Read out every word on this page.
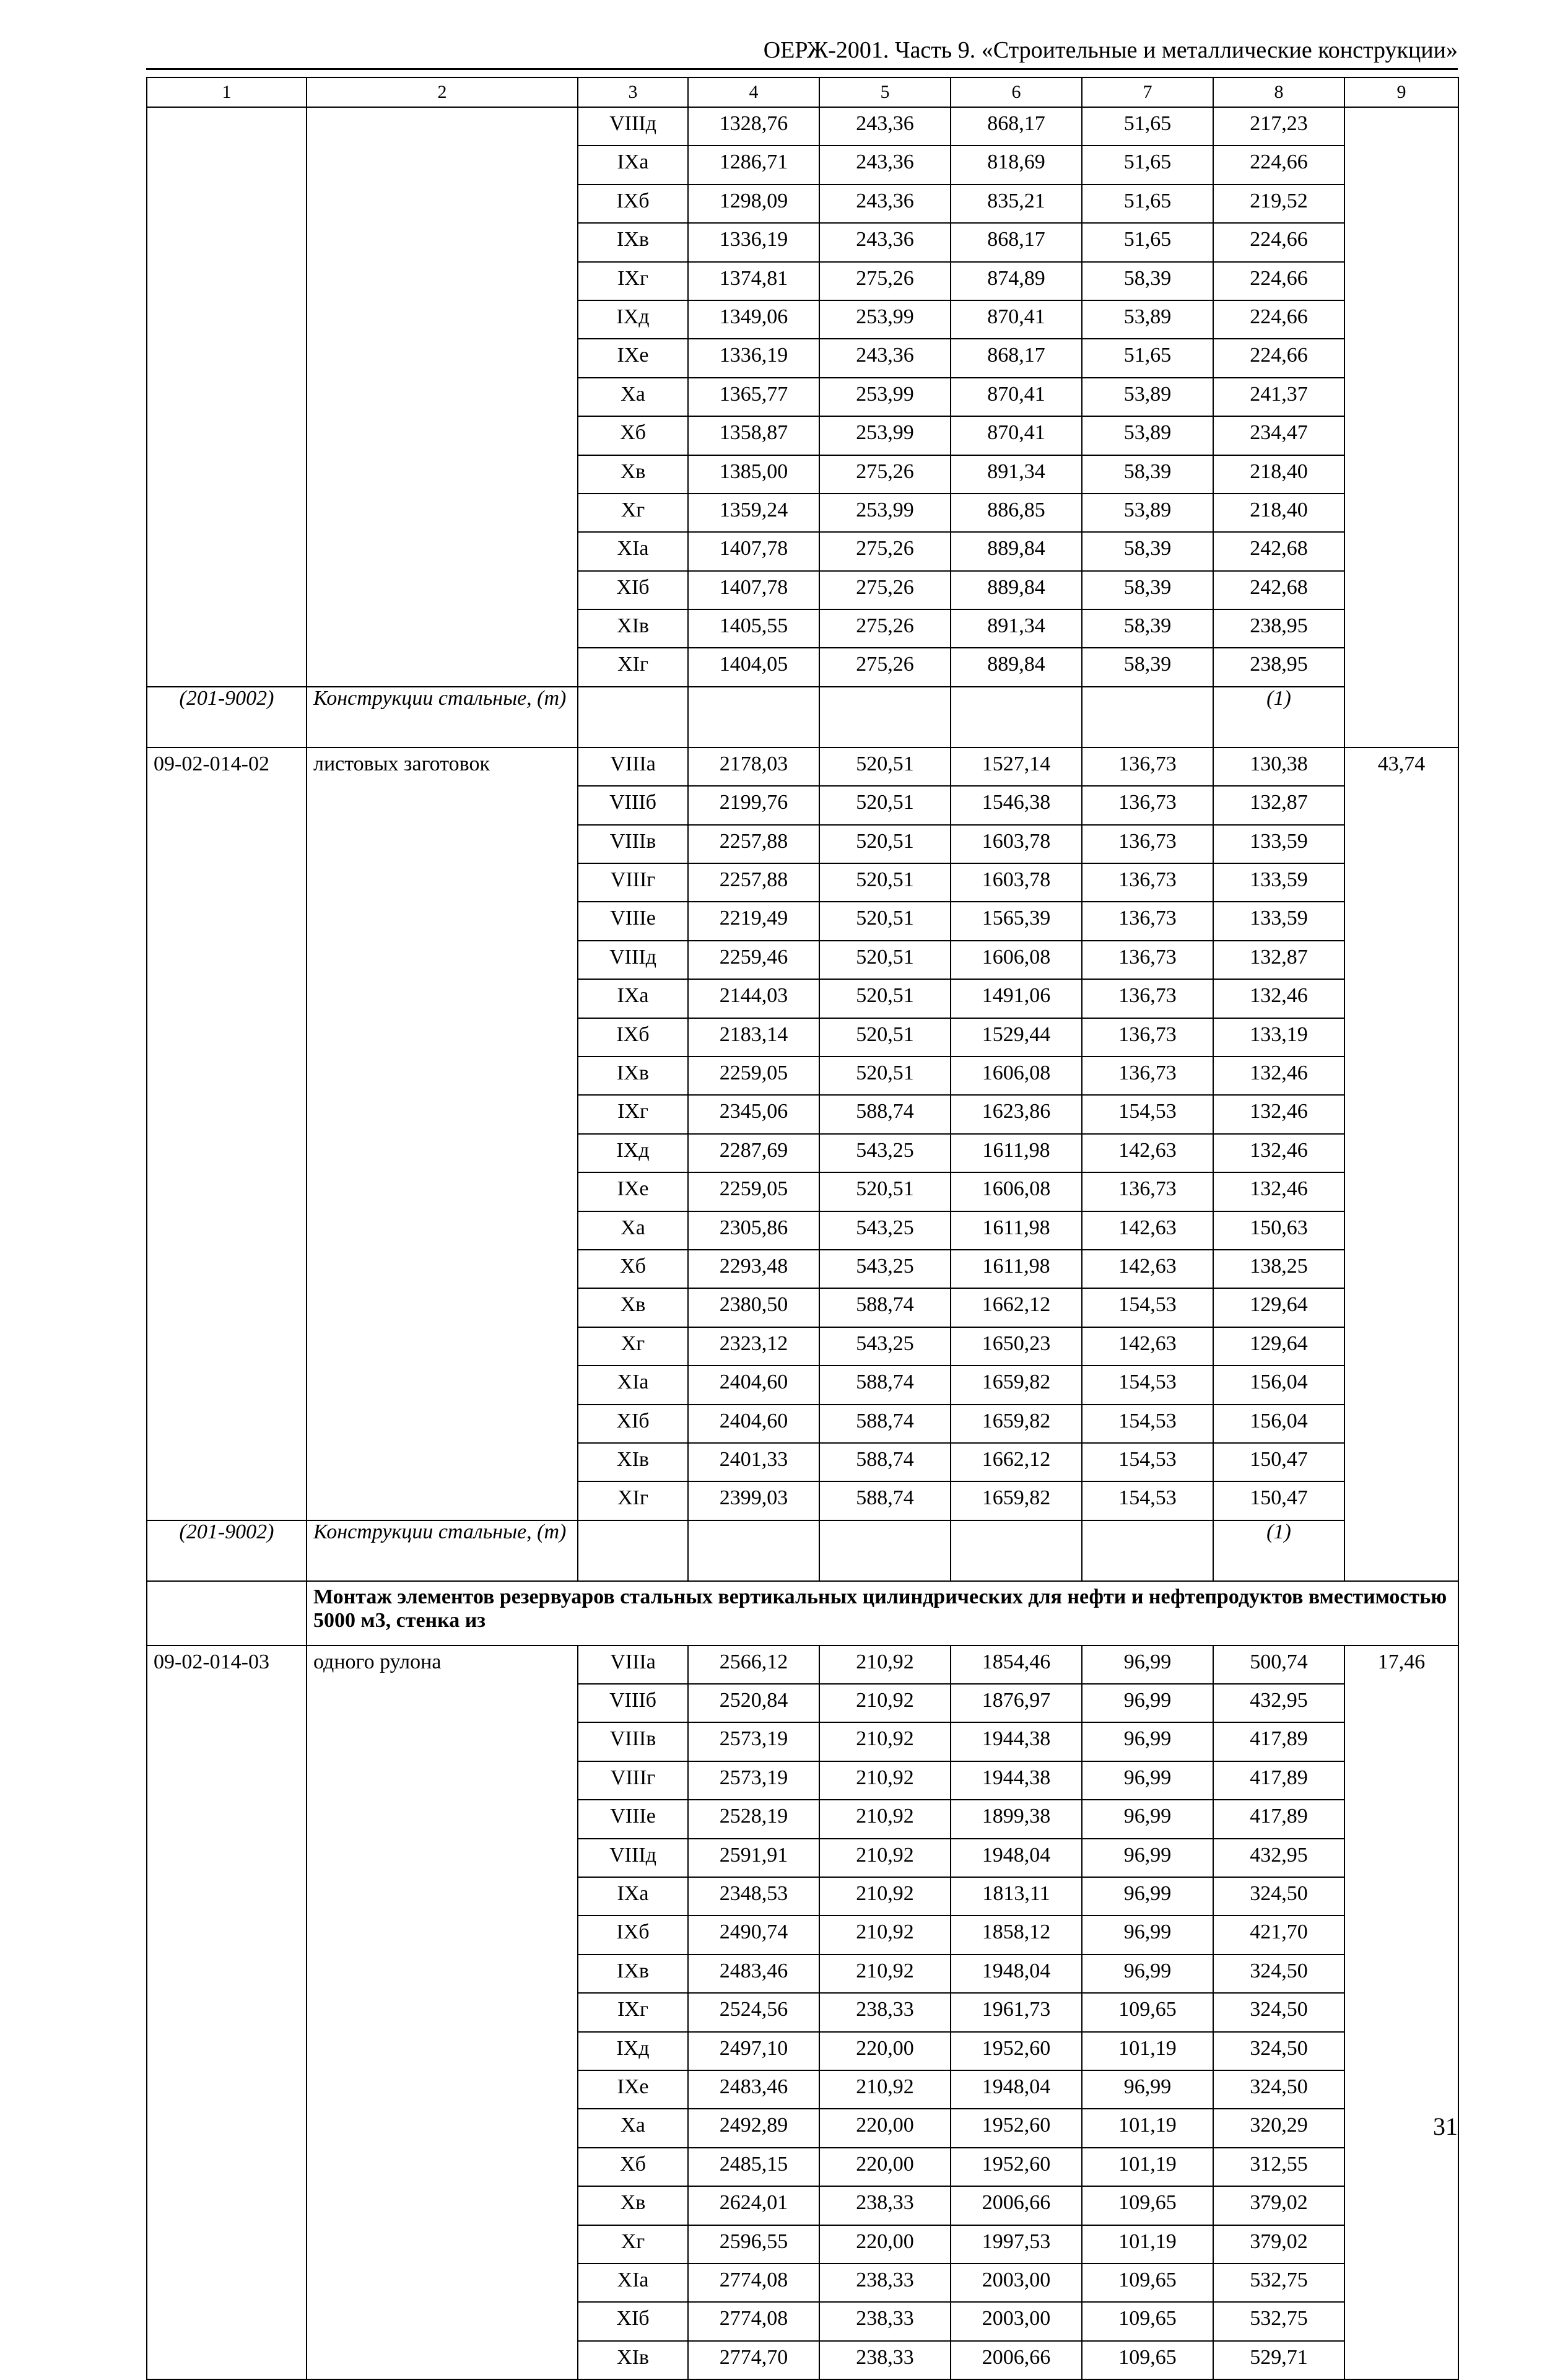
ОЕРЖ-2001. Часть 9. «Строительные и металлические конструкции»
1	2	3	4	5	6	7	8	9
		VIIIд	1328,76	243,36	868,17	51,65	217,23	
		IXа	1286,71	243,36	818,69	51,65	224,66	
		IXб	1298,09	243,36	835,21	51,65	219,52	
		IXв	1336,19	243,36	868,17	51,65	224,66	
		IXг	1374,81	275,26	874,89	58,39	224,66	
		IXд	1349,06	253,99	870,41	53,89	224,66	
		IXе	1336,19	243,36	868,17	51,65	224,66	
		Xа	1365,77	253,99	870,41	53,89	241,37	
		Xб	1358,87	253,99	870,41	53,89	234,47	
		Xв	1385,00	275,26	891,34	58,39	218,40	
		Xг	1359,24	253,99	886,85	53,89	218,40	
		XIа	1407,78	275,26	889,84	58,39	242,68	
		XIб	1407,78	275,26	889,84	58,39	242,68	
		XIв	1405,55	275,26	891,34	58,39	238,95	
		XIг	1404,05	275,26	889,84	58,39	238,95	
(201-9002)	Конструкции стальные, (т)						(1)	
09-02-014-02	листовых заготовок	VIIIа	2178,03	520,51	1527,14	136,73	130,38	43,74
		VIIIб	2199,76	520,51	1546,38	136,73	132,87	
		VIIIв	2257,88	520,51	1603,78	136,73	133,59	
		VIIIг	2257,88	520,51	1603,78	136,73	133,59	
		VIIIе	2219,49	520,51	1565,39	136,73	133,59	
		VIIIд	2259,46	520,51	1606,08	136,73	132,87	
		IXа	2144,03	520,51	1491,06	136,73	132,46	
		IXб	2183,14	520,51	1529,44	136,73	133,19	
		IXв	2259,05	520,51	1606,08	136,73	132,46	
		IXг	2345,06	588,74	1623,86	154,53	132,46	
		IXд	2287,69	543,25	1611,98	142,63	132,46	
		IXе	2259,05	520,51	1606,08	136,73	132,46	
		Xа	2305,86	543,25	1611,98	142,63	150,63	
		Xб	2293,48	543,25	1611,98	142,63	138,25	
		Xв	2380,50	588,74	1662,12	154,53	129,64	
		Xг	2323,12	543,25	1650,23	142,63	129,64	
		XIа	2404,60	588,74	1659,82	154,53	156,04	
		XIб	2404,60	588,74	1659,82	154,53	156,04	
		XIв	2401,33	588,74	1662,12	154,53	150,47	
		XIг	2399,03	588,74	1659,82	154,53	150,47	
(201-9002)	Конструкции стальные, (т)						(1)	
	Монтаж элементов резервуаров стальных вертикальных цилиндрических для нефти и нефтепродуктов вместимостью 5000 м3, стенка из							
09-02-014-03	одного рулона	VIIIа	2566,12	210,92	1854,46	96,99	500,74	17,46
		VIIIб	2520,84	210,92	1876,97	96,99	432,95	
		VIIIв	2573,19	210,92	1944,38	96,99	417,89	
		VIIIг	2573,19	210,92	1944,38	96,99	417,89	
		VIIIе	2528,19	210,92	1899,38	96,99	417,89	
		VIIIд	2591,91	210,92	1948,04	96,99	432,95	
		IXа	2348,53	210,92	1813,11	96,99	324,50	
		IXб	2490,74	210,92	1858,12	96,99	421,70	
		IXв	2483,46	210,92	1948,04	96,99	324,50	
		IXг	2524,56	238,33	1961,73	109,65	324,50	
		IXд	2497,10	220,00	1952,60	101,19	324,50	
		IXе	2483,46	210,92	1948,04	96,99	324,50	
		Xа	2492,89	220,00	1952,60	101,19	320,29	
		Xб	2485,15	220,00	1952,60	101,19	312,55	
		Xв	2624,01	238,33	2006,66	109,65	379,02	
		Xг	2596,55	220,00	1997,53	101,19	379,02	
		XIа	2774,08	238,33	2003,00	109,65	532,75	
		XIб	2774,08	238,33	2003,00	109,65	532,75	
		XIв	2774,70	238,33	2006,66	109,65	529,71	
31
